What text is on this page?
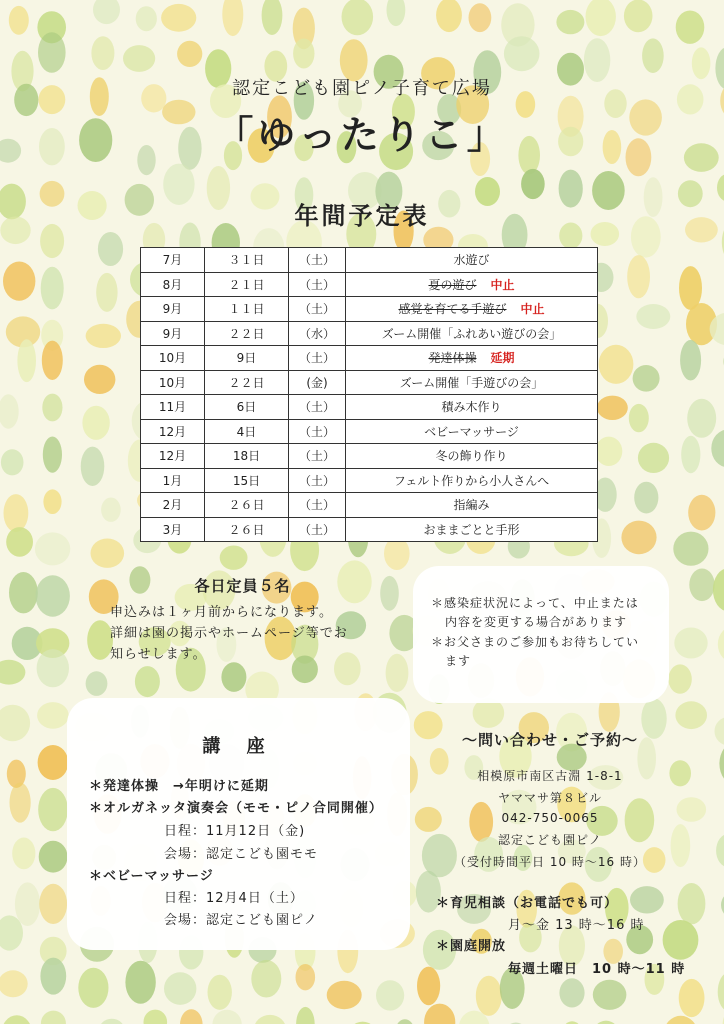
認定こども園ピノ子育て広場
「ゆったりこ」
年間予定表
7月	３１日	（土）	水遊び
8月	２１日	（土）	夏の遊び 中止
9月	１１日	（土）	感覚を育てる手遊び 中止
9月	２２日	（水）	ズーム開催「ふれあい遊びの会」
10月	9日	（土）	発達体操 延期
10月	２２日	(金)	ズーム開催「手遊びの会」
11月	6日	（土）	積み木作り
12月	4日	（土）	ベビーマッサージ
12月	18日	（土）	冬の飾り作り
1月	15日	（土）	フェルト作りから小人さんへ
2月	２６日	（土）	指編み
3月	２６日	（土）	おままごとと手形
各日定員５名
申込みは１ヶ月前からになります。
詳細は園の掲示やホームページ等でお
知らせします。

＊感染症状況によって、中止または

内容を変更する場合があります

＊お父さまのご参加もお待ちしてい

ます

講 座
＊発達体操　→年明けに延期
＊オルガネッタ演奏会（モモ・ピノ合同開催）
日程：11月12日（金)
会場：認定こども園モモ
＊ベビーマッサージ
日程：12月4日（土）
会場：認定こども園ピノ
～問い合わせ・ご予約～
相模原市南区古淵 1-8-1
ヤママサ第８ビル
042-750-0065
認定こども園ピノ
（受付時間平日 10 時～16 時）
＊育児相談（お電話でも可）
月～金 13 時～16 時
＊園庭開放
毎週土曜日　10 時～11 時
